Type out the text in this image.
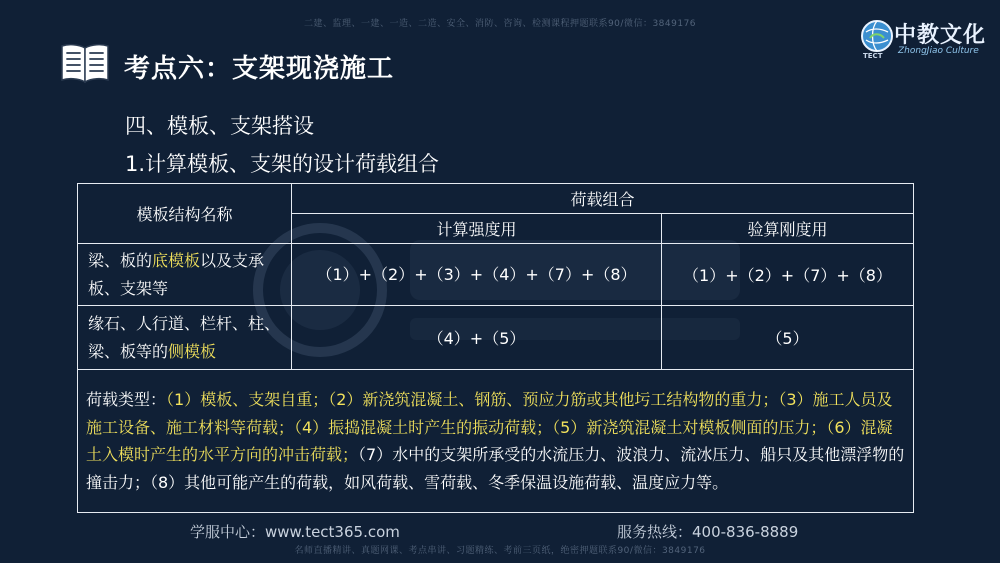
二建、监理、一建、一造、二造、安全、消防、咨询、检测课程押题联系90/微信：3849176
考点六：支架现浇施工
中教文化
ZhongJiao Culture
TECT
四、模板、支架搭设
1.计算模板、支架的设计荷载组合
模板结构名称	荷载组合	
	计算强度用	验算刚度用
梁、板的底模板以及支承板、支架等	（1）+（2）+（3）+（4）+（7）+（8）	（1）+（2）+（7）+（8）
缘石、人行道、栏杆、柱、梁、板等的侧模板	（4）+（5）	（5）
荷载类型：（1）模板、支架自重；（2）新浇筑混凝土、钢筋、预应力筋或其他圬工结构物的重力；（3）施工人员及施工设备、施工材料等荷载；（4）振捣混凝土时产生的振动荷载；（5）新浇筑混凝土对模板侧面的压力；（6）混凝土入模时产生的水平方向的冲击荷载；（7）水中的支架所承受的水流压力、波浪力、流冰压力、船只及其他漂浮物的撞击力；（8）其他可能产生的荷载，如风荷载、雪荷载、冬季保温设施荷载、温度应力等。		
学服中心：www.tect365.com	服务热线：400-836-8889
名师直播精讲、真题网课、考点串讲、习题精练、考前三页纸，绝密押题联系90/微信：3849176
